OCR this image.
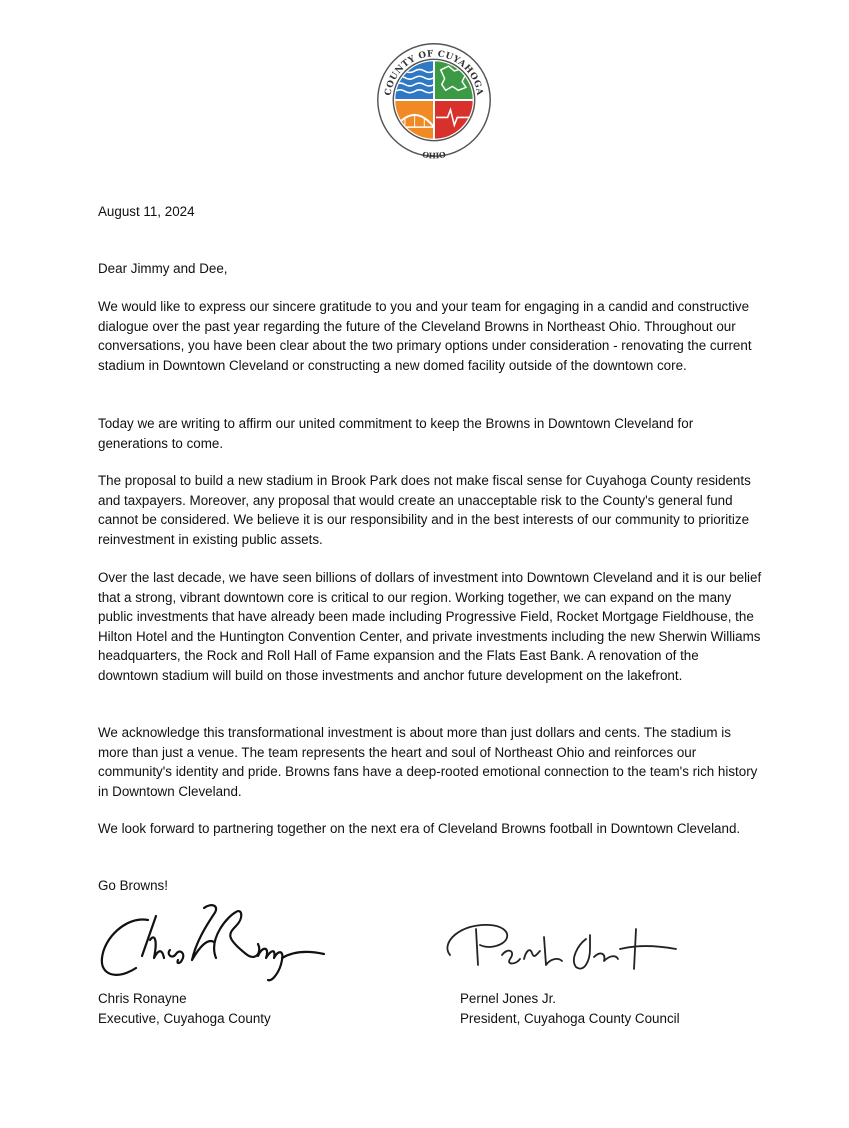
COUNTY OF CUYAHOGA
OHIO
August 11, 2024
Dear Jimmy and Dee,

We would like to express our sincere gratitude to you and your team for engaging in a candid and constructive dialogue over the past year regarding the future of the Cleveland Browns in Northeast Ohio. Throughout our conversations, you have been clear about the two primary options under consideration - renovating the current stadium in Downtown Cleveland or constructing a new domed facility outside of the downtown core.

Today we are writing to affirm our united commitment to keep the Browns in Downtown Cleveland for generations to come.

The proposal to build a new stadium in Brook Park does not make fiscal sense for Cuyahoga County residents and taxpayers. Moreover, any proposal that would create an unacceptable risk to the County's general fund cannot be considered. We believe it is our responsibility and in the best interests of our community to prioritize reinvestment in existing public assets.

Over the last decade, we have seen billions of dollars of investment into Downtown Cleveland and it is our belief that a strong, vibrant downtown core is critical to our region. Working together, we can expand on the many public investments that have already been made including Progressive Field, Rocket Mortgage Fieldhouse, the Hilton Hotel and the Huntington Convention Center, and private investments including the new Sherwin Williams headquarters, the Rock and Roll Hall of Fame expansion and the Flats East Bank. A renovation of the downtown stadium will build on those investments and anchor future development on the lakefront.

We acknowledge this transformational investment is about more than just dollars and cents. The stadium is more than just a venue. The team represents the heart and soul of Northeast Ohio and reinforces our community's identity and pride. Browns fans have a deep-rooted emotional connection to the team's rich history in Downtown Cleveland.

We look forward to partnering together on the next era of Cleveland Browns football in Downtown Cleveland.

Go Browns!
Chris Ronayne
Executive, Cuyahoga County
Pernel Jones Jr.
President, Cuyahoga County Council
